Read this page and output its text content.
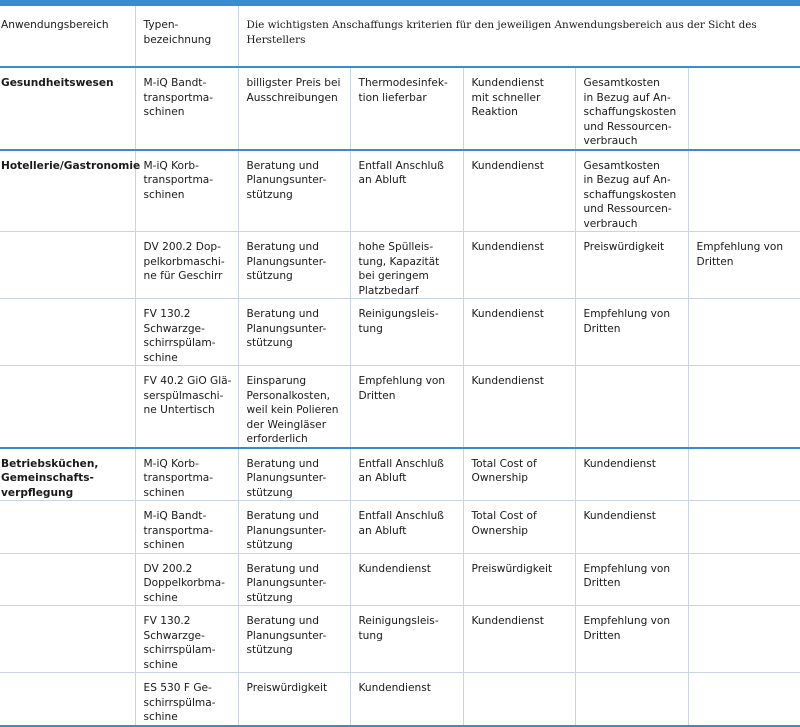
Anwendungsbereich	Typen-
bezeichnung	Die wichtigsten Anschaffungs kriterien für den jeweiligen Anwendungsbereich aus der Sicht des Herstellers				
Gesundheitswesen	M-iQ Bandt-
transportma-
schinen	billigster Preis bei Ausschreibungen	Thermodesinfek-
tion lieferbar	Kundendienst
mit schneller
Reaktion	Gesamtkosten
in Bezug auf An-
schaffungskosten
und Ressourcen-
verbrauch	
Hotellerie/Gastronomie	M-iQ Korb-
transportma-
schinen	Beratung und
Planungsunter-
stützung	Entfall Anschluß
an Abluft	Kundendienst	Gesamtkosten
in Bezug auf An-
schaffungskosten
und Ressourcen-
verbrauch	
	DV 200.2 Dop-
pelkorbmaschi-
ne für Geschirr	Beratung und
Planungsunter-
stützung	hohe Spülleis-
tung, Kapazität
bei geringem
Platzbedarf	Kundendienst	Preiswürdigkeit	Empfehlung von
Dritten
	FV 130.2
Schwarzge-
schirrspülam-
schine	Beratung und
Planungsunter-
stützung	Reinigungsleis-
tung	Kundendienst	Empfehlung von
Dritten	
	FV 40.2 GiO Glä-
serspülmaschi-
ne Untertisch	Einsparung
Personalkosten,
weil kein Polieren
der Weingläser
erforderlich	Empfehlung von
Dritten	Kundendienst		
Betriebsküchen,
Gemeinschafts-
verpflegung	M-iQ Korb-
transportma-
schinen	Beratung und
Planungsunter-
stützung	Entfall Anschluß
an Abluft	Total Cost of
Ownership	Kundendienst	
	M-iQ Bandt-
transportma-
schinen	Beratung und
Planungsunter-
stützung	Entfall Anschluß
an Abluft	Total Cost of
Ownership	Kundendienst	
	DV 200.2
Doppelkorbma-
schine	Beratung und
Planungsunter-
stützung	Kundendienst	Preiswürdigkeit	Empfehlung von
Dritten	
	FV 130.2
Schwarzge-
schirrspülam-
schine	Beratung und
Planungsunter-
stützung	Reinigungsleis-
tung	Kundendienst	Empfehlung von
Dritten	
	ES 530 F Ge-
schirrspülma-
schine	Preiswürdigkeit	Kundendienst			
